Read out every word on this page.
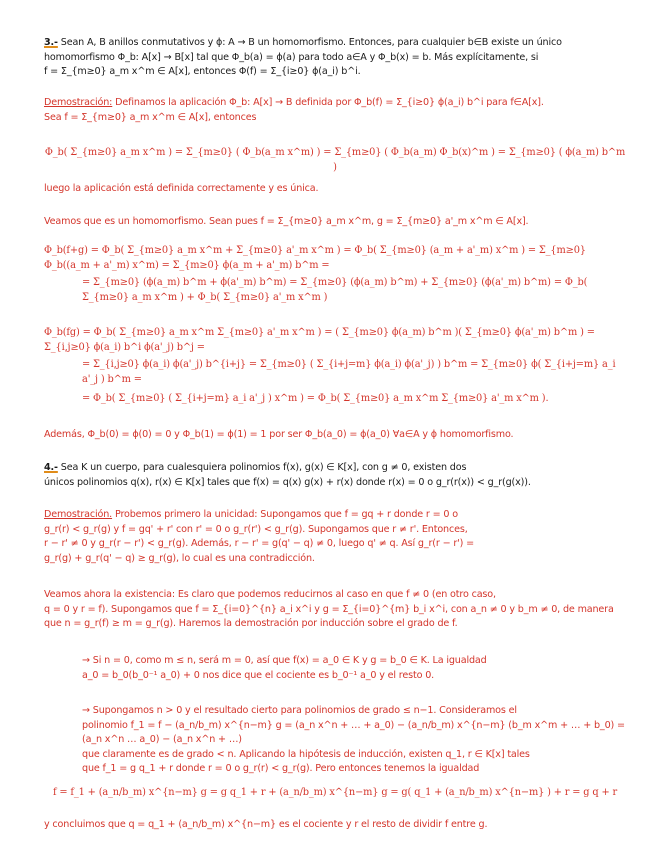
3.- Sean A, B anillos conmutativos y ϕ: A → B un homomorfismo. Entonces, para cualquier b∈B existe un único

homomorfismo Φ_b: A[x] → B[x] tal que Φ_b(a) = ϕ(a) para todo a∈A y Φ_b(x) = b. Más explícitamente, si

f = Σ_{m≥0} a_m x^m ∈ A[x], entonces Φ(f) = Σ_{i≥0} ϕ(a_i) b^i.

Demostración: Definamos la aplicación Φ_b: A[x] → B definida por Φ_b(f) = Σ_{i≥0} ϕ(a_i) b^i para f∈A[x].

Sea f = Σ_{m≥0} a_m x^m ∈ A[x], entonces

Φ_b( Σ_{m≥0} a_m x^m ) = Σ_{m≥0} ( Φ_b(a_m x^m) ) = Σ_{m≥0} ( Φ_b(a_m) Φ_b(x)^m ) = Σ_{m≥0} ( ϕ(a_m) b^m )

luego la aplicación está definida correctamente y es única.

Veamos que es un homomorfismo. Sean pues f = Σ_{m≥0} a_m x^m, g = Σ_{m≥0} a'_m x^m ∈ A[x].

Φ_b(f+g) = Φ_b( Σ_{m≥0} a_m x^m + Σ_{m≥0} a'_m x^m ) = Φ_b( Σ_{m≥0} (a_m + a'_m) x^m ) = Σ_{m≥0} Φ_b((a_m + a'_m) x^m) = Σ_{m≥0} ϕ(a_m + a'_m) b^m =

= Σ_{m≥0} (ϕ(a_m) b^m + ϕ(a'_m) b^m) = Σ_{m≥0} (ϕ(a_m) b^m) + Σ_{m≥0} (ϕ(a'_m) b^m) = Φ_b( Σ_{m≥0} a_m x^m ) + Φ_b( Σ_{m≥0} a'_m x^m )

Φ_b(fg) = Φ_b( Σ_{m≥0} a_m x^m Σ_{m≥0} a'_m x^m ) = ( Σ_{m≥0} ϕ(a_m) b^m )( Σ_{m≥0} ϕ(a'_m) b^m ) = Σ_{i,j≥0} ϕ(a_i) b^i ϕ(a'_j) b^j =

= Σ_{i,j≥0} ϕ(a_i) ϕ(a'_j) b^{i+j} = Σ_{m≥0} ( Σ_{i+j=m} ϕ(a_i) ϕ(a'_j) ) b^m = Σ_{m≥0} ϕ( Σ_{i+j=m} a_i a'_j ) b^m =

= Φ_b( Σ_{m≥0} ( Σ_{i+j=m} a_i a'_j ) x^m ) = Φ_b( Σ_{m≥0} a_m x^m Σ_{m≥0} a'_m x^m ).

Además, Φ_b(0) = ϕ(0) = 0 y Φ_b(1) = ϕ(1) = 1 por ser Φ_b(a_0) = ϕ(a_0) ∀a∈A y ϕ homomorfismo.

4.- Sea K un cuerpo, para cualesquiera polinomios f(x), g(x) ∈ K[x], con g ≠ 0, existen dos

únicos polinomios q(x), r(x) ∈ K[x] tales que f(x) = q(x) g(x) + r(x) donde r(x) = 0 o g_r(r(x)) < g_r(g(x)).

Demostración. Probemos primero la unicidad: Supongamos que f = gq + r donde r = 0 o

g_r(r) < g_r(g) y f = gq' + r' con r' = 0 o g_r(r') < g_r(g). Supongamos que r ≠ r'. Entonces,

r − r' ≠ 0 y g_r(r − r') < g_r(g). Además, r − r' = g(q' − q) ≠ 0, luego q' ≠ q. Así g_r(r − r') =

g_r(g) + g_r(q' − q) ≥ g_r(g), lo cual es una contradicción.

Veamos ahora la existencia: Es claro que podemos reducirnos al caso en que f ≠ 0 (en otro caso,

q = 0 y r = f). Supongamos que f = Σ_{i=0}^{n} a_i x^i y g = Σ_{i=0}^{m} b_i x^i, con a_n ≠ 0 y b_m ≠ 0, de manera

que n = g_r(f) ≥ m = g_r(g). Haremos la demostración por inducción sobre el grado de f.

→ Si n = 0, como m ≤ n, será m = 0, así que f(x) = a_0 ∈ K y g = b_0 ∈ K. La igualdad

a_0 = b_0(b_0⁻¹ a_0) + 0 nos dice que el cociente es b_0⁻¹ a_0 y el resto 0.

→ Supongamos n > 0 y el resultado cierto para polinomios de grado ≤ n−1. Consideramos el

polinomio f_1 = f − (a_n/b_m) x^{n−m} g = (a_n x^n + … + a_0) − (a_n/b_m) x^{n−m} (b_m x^m + … + b_0) = (a_n x^n … a_0) − (a_n x^n + …)

que claramente es de grado < n. Aplicando la hipótesis de inducción, existen q_1, r ∈ K[x] tales

que f_1 = g q_1 + r donde r = 0 o g_r(r) < g_r(g). Pero entonces tenemos la igualdad

f = f_1 + (a_n/b_m) x^{n−m} g = g q_1 + r + (a_n/b_m) x^{n−m} g = g( q_1 + (a_n/b_m) x^{n−m} ) + r = g q + r

y concluimos que q = q_1 + (a_n/b_m) x^{n−m} es el cociente y r el resto de dividir f entre g.
